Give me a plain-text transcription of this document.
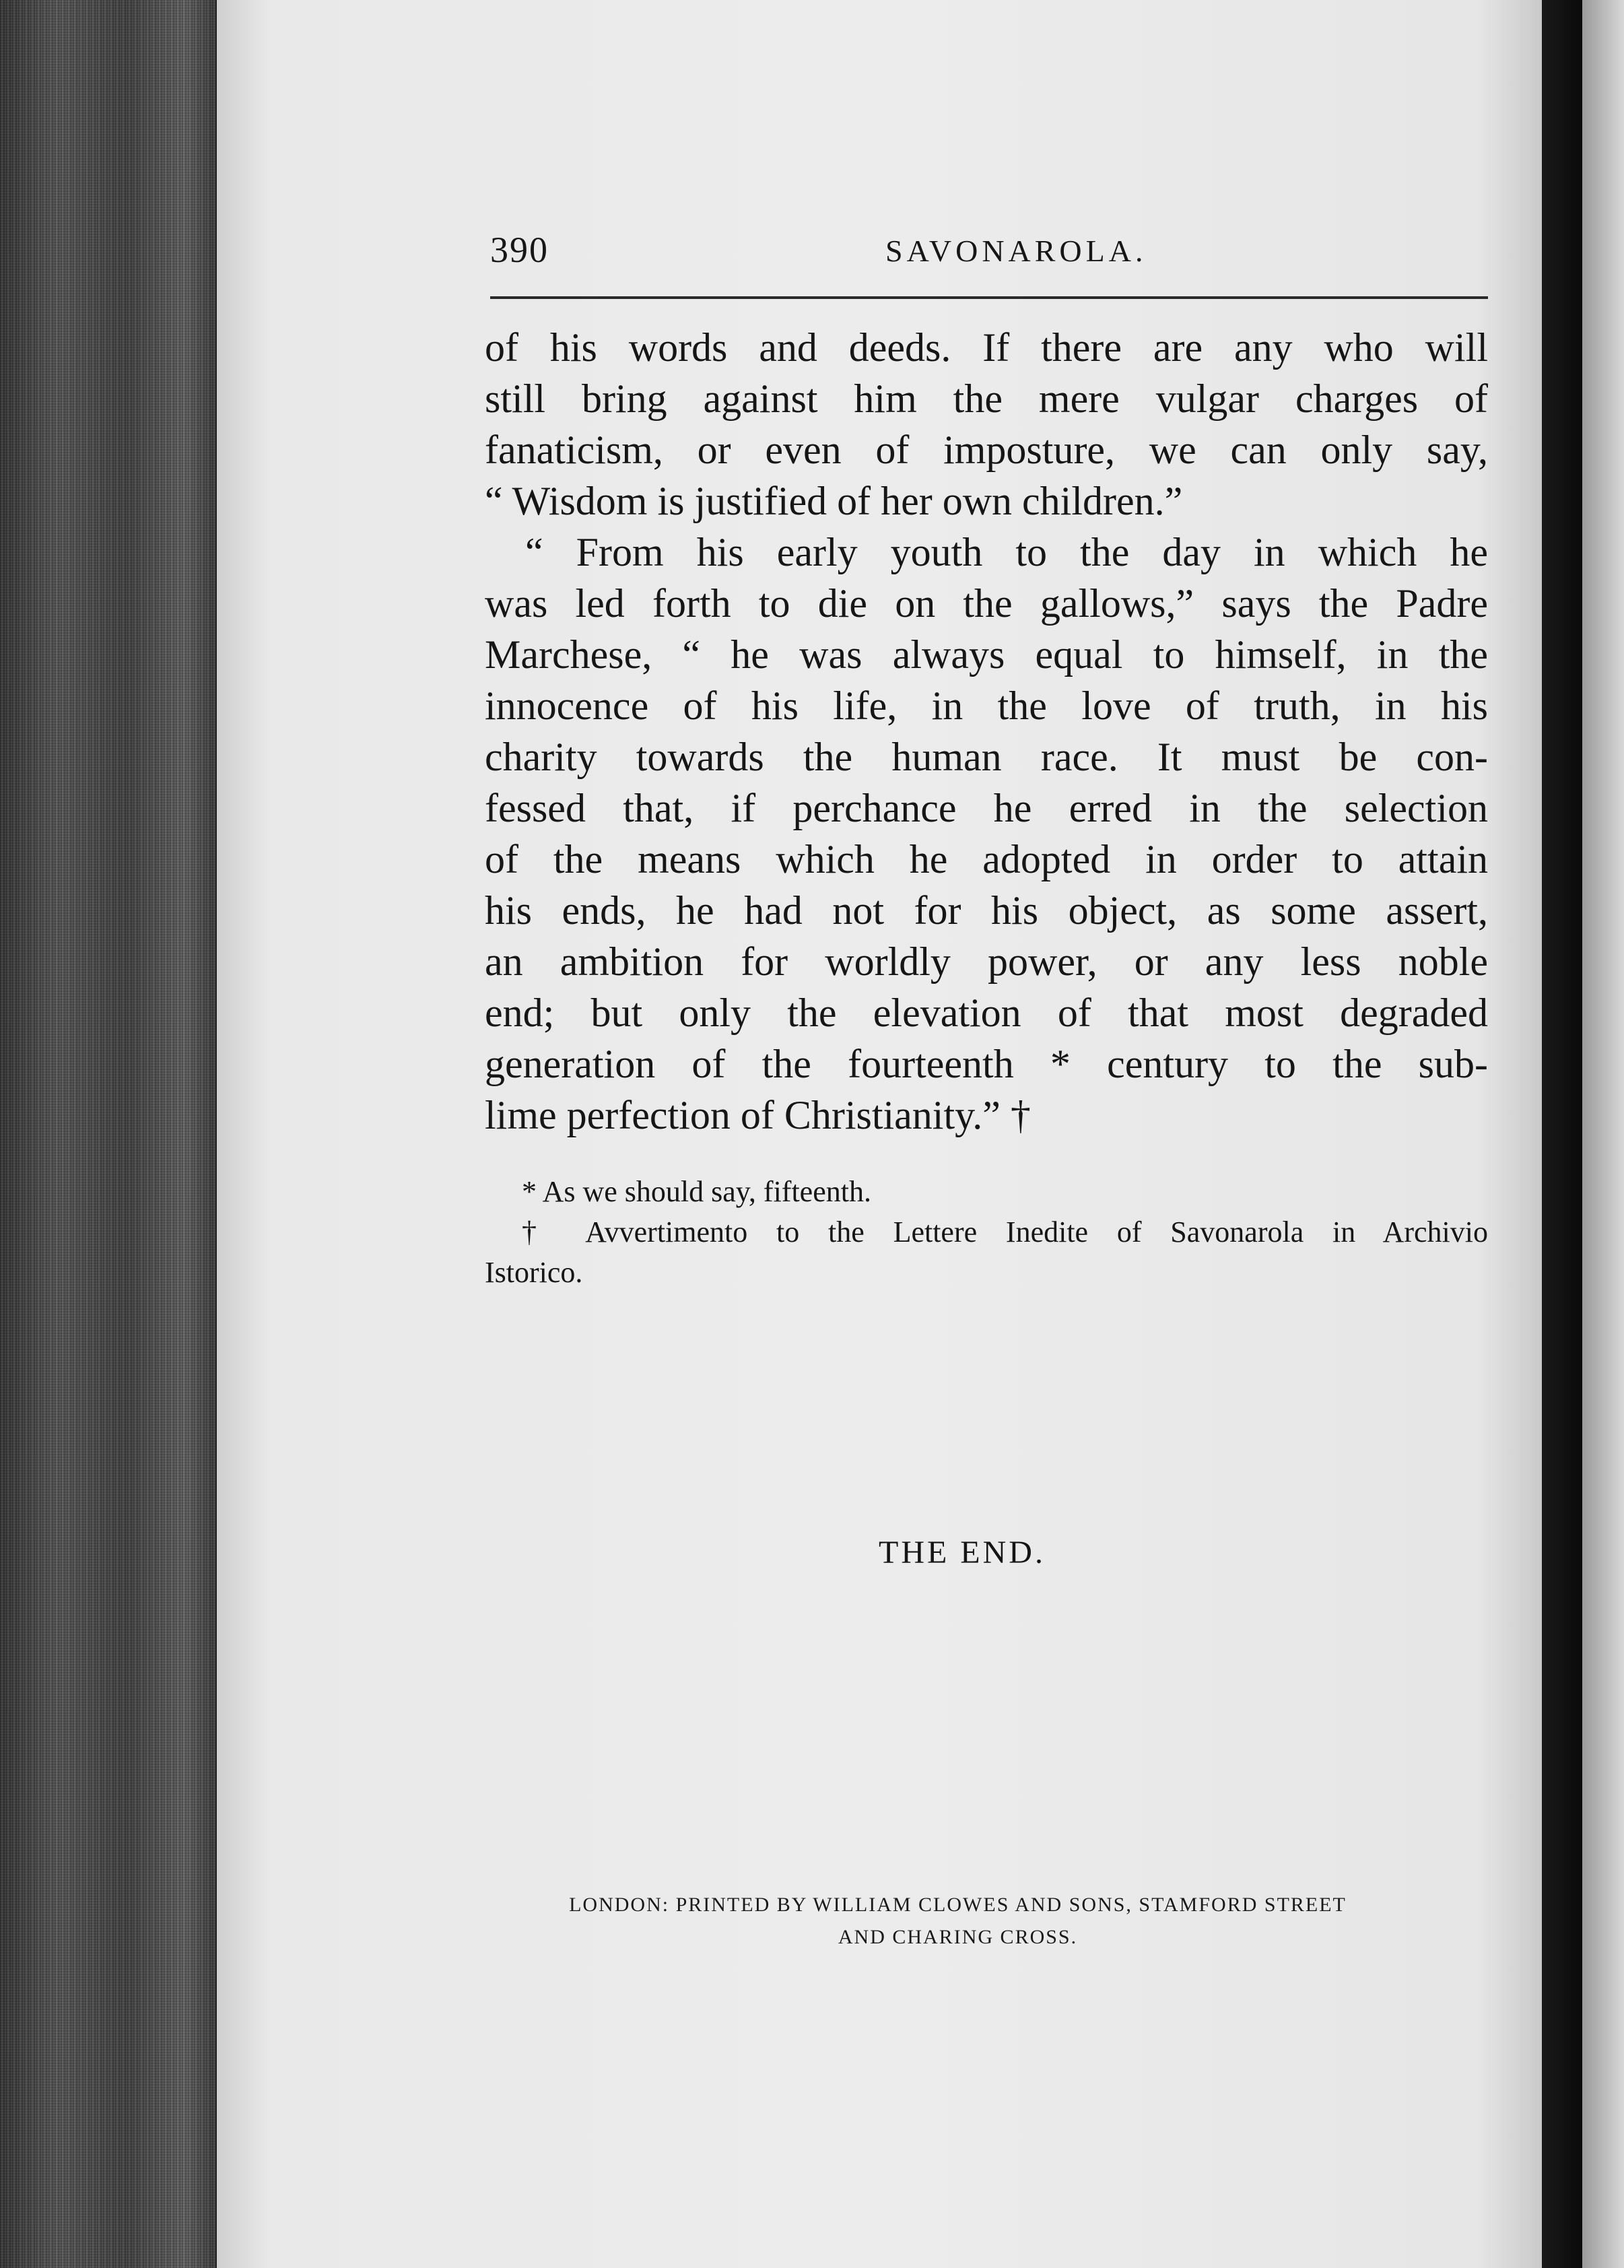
390	SAVONAROLA.
of his words and deeds. If there are any who will
still bring against him the mere vulgar charges of
fanaticism, or even of imposture, we can only say,
“ Wisdom is justified of her own children.”
“ From his early youth to the day in which he
was led forth to die on the gallows,” says the Padre
Marchese, “ he was always equal to himself, in the
innocence of his life, in the love of truth, in his
charity towards the human race. It must be con-
fessed that, if perchance he erred in the selection
of the means which he adopted in order to attain
his ends, he had not for his object, as some assert,
an ambition for worldly power, or any less noble
end; but only the elevation of that most degraded
generation of the fourteenth * century to the sub-
lime perfection of Christianity.” †
* As we should say, fifteenth.
† Avvertimento to the Lettere Inedite of Savonarola in Archivio
Istorico.
THE END.
LONDON: PRINTED BY WILLIAM CLOWES AND SONS, STAMFORD STREET
AND CHARING CROSS.
